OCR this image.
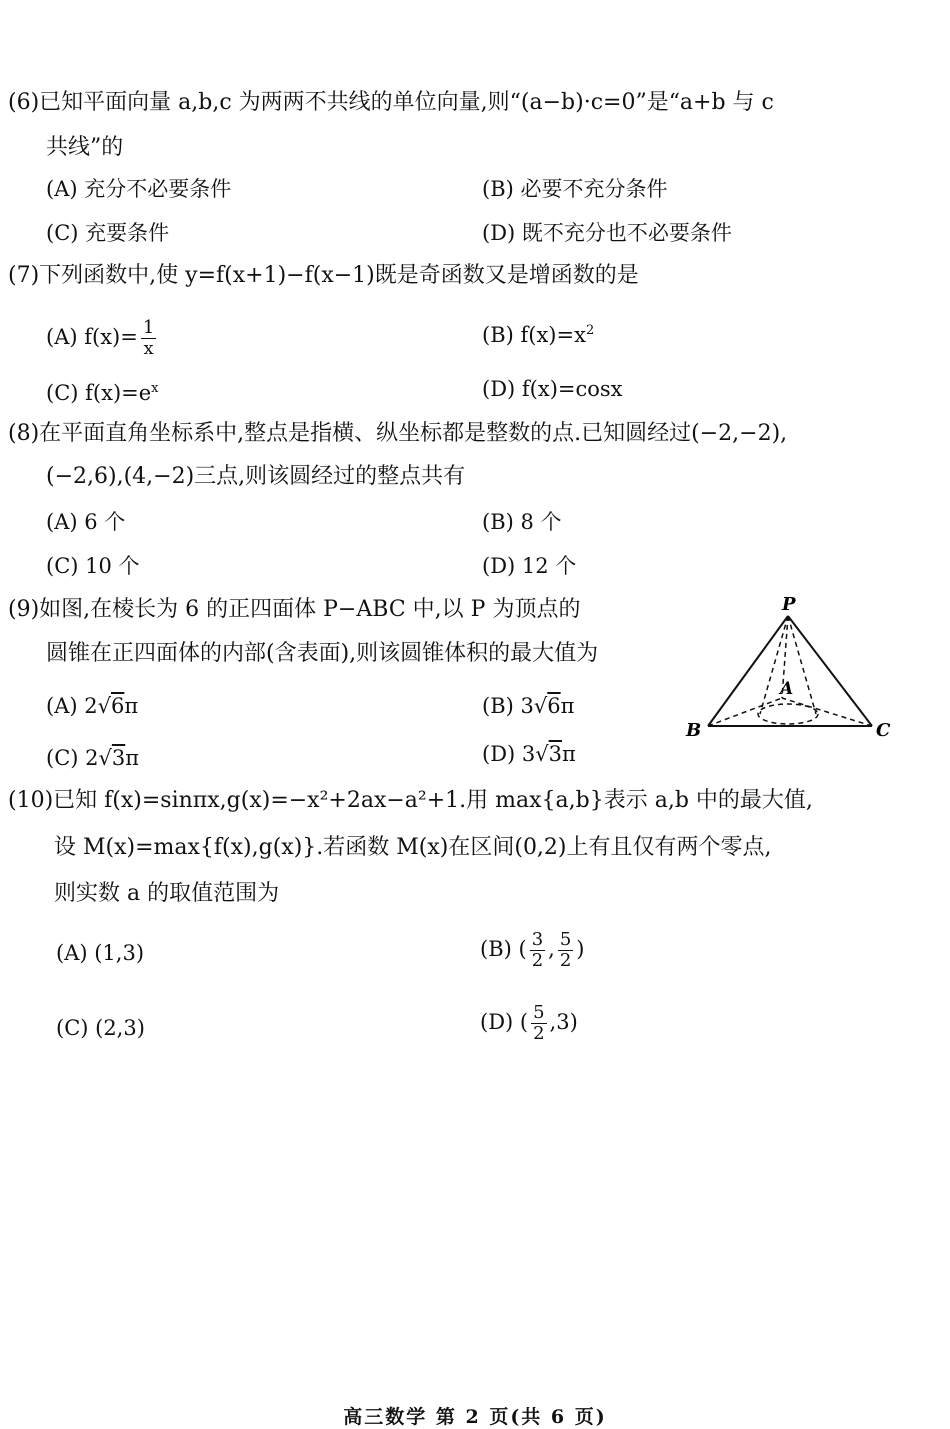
(6)已知平面向量 a,b,c 为两两不共线的单位向量,则“(a−b)·c=0”是“a+b 与 c
共线”的
(A) 充分不必要条件	(B) 必要不充分条件
(C) 充要条件	(D) 既不充分也不必要条件
(7)下列函数中,使 y=f(x+1)−f(x−1)既是奇函数又是增函数的是
(A) $f(x)= \frac{1}{x}$	(B) $f(x)=x^2$
(C) $f(x)=e^x$	(D) f(x)=cosx
(8)在平面直角坐标系中,整点是指横、纵坐标都是整数的点.已知圆经过(−2,−2),
(−2,6),(4,−2)三点,则该圆经过的整点共有
(A) 6 个	(B) 8 个
(C) 10 个	(D) 12 个
(9)如图,在棱长为 6 的正四面体 P−ABC 中,以 P 为顶点的
圆锥在正四面体的内部(含表面),则该圆锥体积的最大值为
(A) 2√6π	(B) 3√6π
(C) 2√3π	(D) 3√3π
P
A
B	C
(10)已知 f(x)=sinπx,g(x)=−x²+2ax−a²+1.用 max{a,b}表示 a,b 中的最大值,
设 M(x)=max{f(x),g(x)}.若函数 M(x)在区间(0,2)上有且仅有两个零点,
则实数 a 的取值范围为
(A) (1,3)	(B) ( $\frac{3}{2}$ , $\frac{5}{2}$ )
(C) (2,3)	(D) ( $\frac{5}{2} ,3$)
高三数学 第 2 页(共 6 页)
